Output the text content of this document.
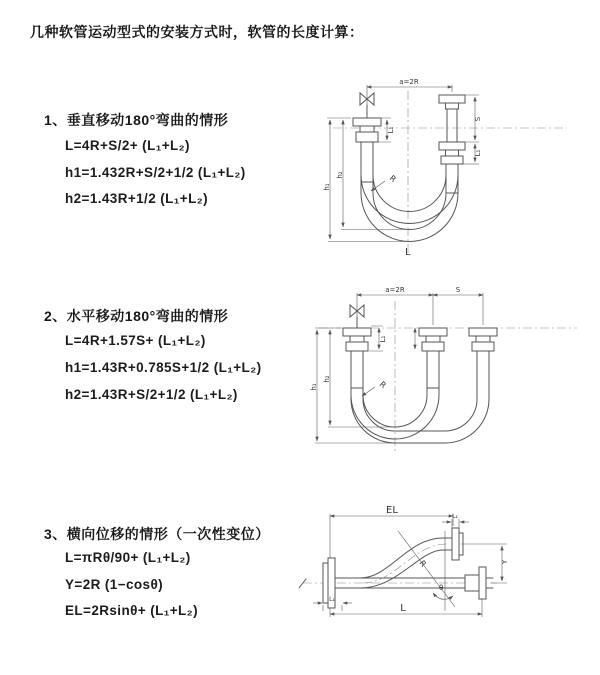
几种软管运动型式的安装方式时，软管的长度计算：
1、垂直移动180°弯曲的情形
L=4R+S/2+ (L₁+L₂)
h1=1.432R+S/2+1/2 (L₁+L₂)
h2=1.43R+1/2 (L₁+L₂)
a=2R
S
L₁
L₁
h₂
h₁
R
L
2、水平移动180°弯曲的情形
L=4R+1.57S+ (L₁+L₂)
h1=1.43R+0.785S+1/2 (L₁+L₂)
h2=1.43R+S/2+1/2 (L₁+L₂)
a=2R	S
L₁
h₂
h₁	R
3、横向位移的情形（一次性变位）
L=πRθ/90+ (L₁+L₂)
Y=2R (1−cosθ)
EL=2Rsinθ+ (L₁+L₂)
EL
L₁
L₁
Y
R
θ
L
